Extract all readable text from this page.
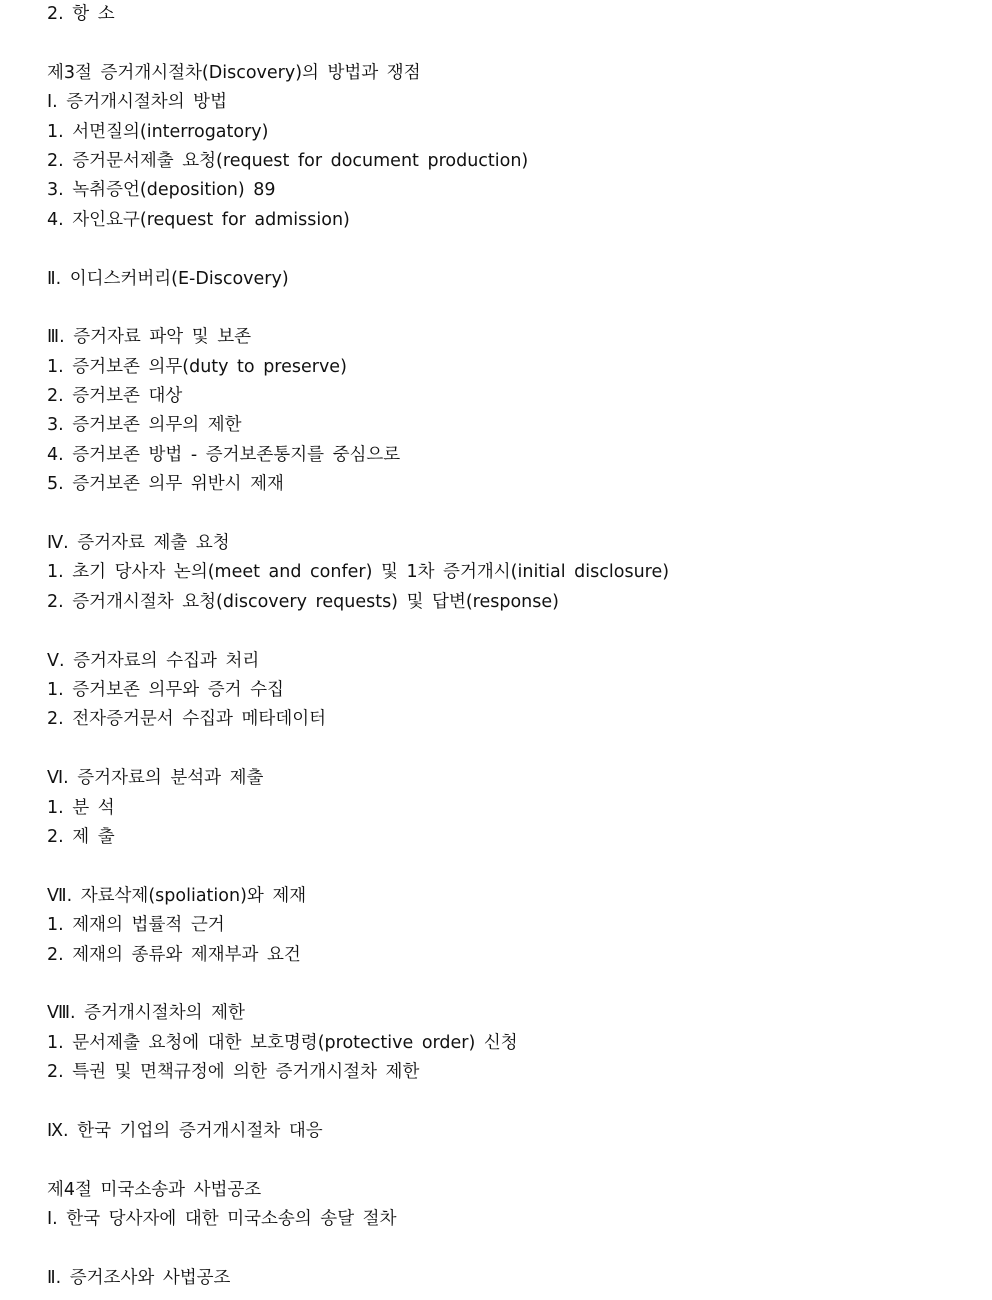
2. 항 소
제3절 증거개시절차(Discovery)의 방법과 쟁점
Ⅰ. 증거개시절차의 방법
1. 서면질의(interrogatory)
2. 증거문서제출 요청(request for document production)
3. 녹취증언(deposition) 89
4. 자인요구(request for admission)
Ⅱ. 이디스커버리(E-Discovery)
Ⅲ. 증거자료 파악 및 보존
1. 증거보존 의무(duty to preserve)
2. 증거보존 대상
3. 증거보존 의무의 제한
4. 증거보존 방법 - 증거보존통지를 중심으로
5. 증거보존 의무 위반시 제재
Ⅳ. 증거자료 제출 요청
1. 초기 당사자 논의(meet and confer) 및 1차 증거개시(initial disclosure)
2. 증거개시절차 요청(discovery requests) 및 답변(response)
Ⅴ. 증거자료의 수집과 처리
1. 증거보존 의무와 증거 수집
2. 전자증거문서 수집과 메타데이터
Ⅵ. 증거자료의 분석과 제출
1. 분 석
2. 제 출
Ⅶ. 자료삭제(spoliation)와 제재
1. 제재의 법률적 근거
2. 제재의 종류와 제재부과 요건
Ⅷ. 증거개시절차의 제한
1. 문서제출 요청에 대한 보호명령(protective order) 신청
2. 특권 및 면책규정에 의한 증거개시절차 제한
Ⅸ. 한국 기업의 증거개시절차 대응
제4절 미국소송과 사법공조
Ⅰ. 한국 당사자에 대한 미국소송의 송달 절차
Ⅱ. 증거조사와 사법공조
